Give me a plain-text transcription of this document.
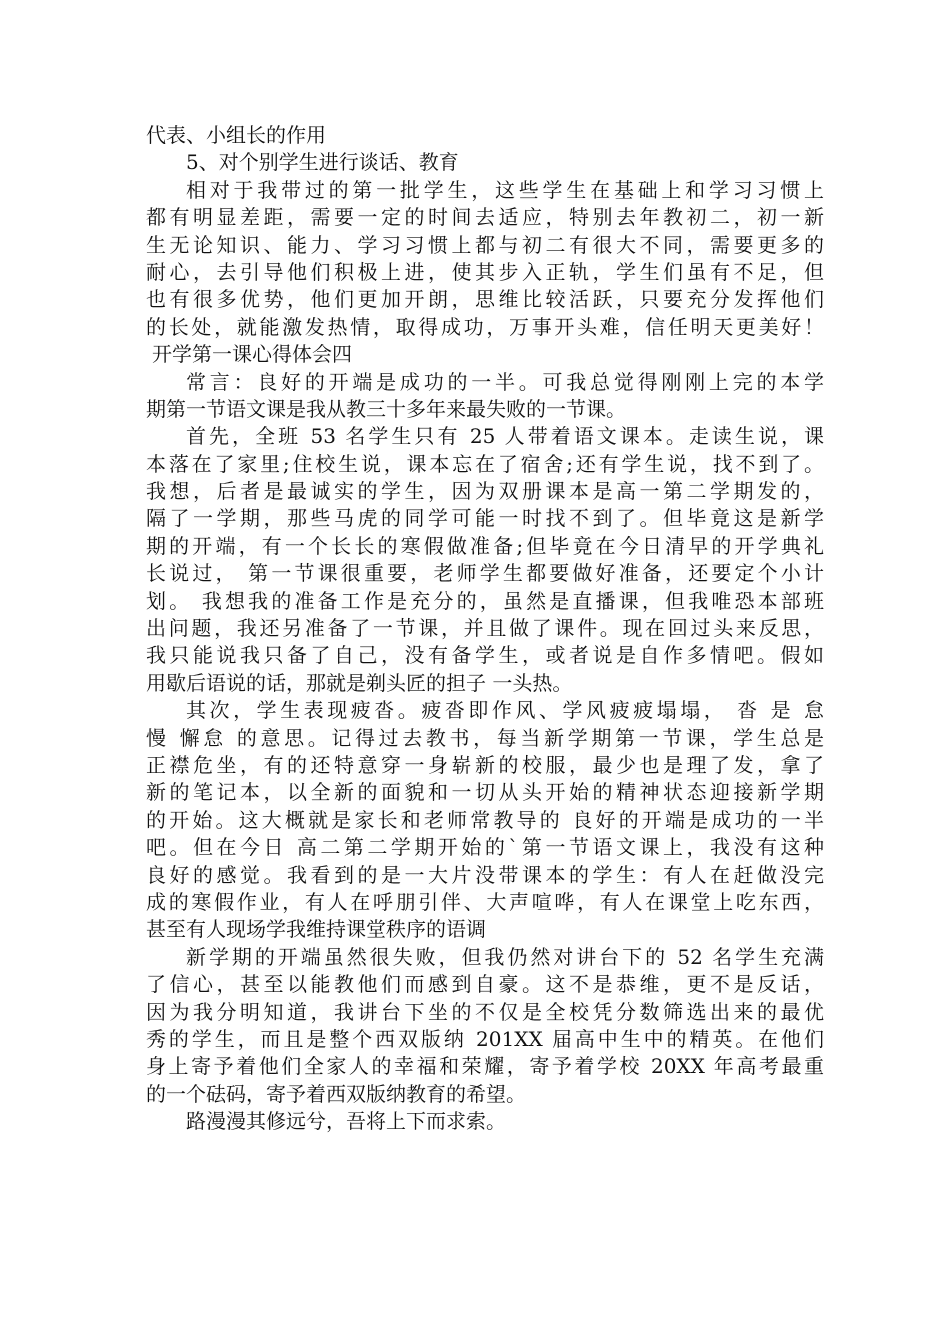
代表、小组长的作用
5、对个别学生进行谈话、教育
相对于我带过的第一批学生，这些学生在基础上和学习习惯上
都有明显差距，需要一定的时间去适应，特别去年教初二，初一新
生无论知识、能力、学习习惯上都与初二有很大不同，需要更多的
耐心，去引导他们积极上进，使其步入正轨，学生们虽有不足，但
也有很多优势，他们更加开朗，思维比较活跃，只要充分发挥他们
的长处，就能激发热情，取得成功，万事开头难，信任明天更美好！
开学第一课心得体会四
常言：良好的开端是成功的一半。可我总觉得刚刚上完的本学
期第一节语文课是我从教三十多年来最失败的一节课。
首先，全班 53 名学生只有 25 人带着语文课本。走读生说，课
本落在了家里;住校生说，课本忘在了宿舍;还有学生说，找不到了。
我想，后者是最诚实的学生，因为双册课本是高一第二学期发的，
隔了一学期，那些马虎的同学可能一时找不到了。但毕竟这是新学
期的开端，有一个长长的寒假做准备;但毕竟在今日清早的开学典礼
长说过， 第一节课很重要，老师学生都要做好准备，还要定个小计
划。 我想我的准备工作是充分的，虽然是直播课，但我唯恐本部班
出问题，我还另准备了一节课，并且做了课件。现在回过头来反思，
我只能说我只备了自己，没有备学生，或者说是自作多情吧。假如
用歇后语说的话，那就是剃头匠的担子 一头热。
其次，学生表现疲沓。疲沓即作风、学风疲疲塌塌， 沓 是 怠
慢 懈怠 的意思。记得过去教书，每当新学期第一节课，学生总是
正襟危坐，有的还特意穿一身崭新的校服，最少也是理了发，拿了
新的笔记本，以全新的面貌和一切从头开始的精神状态迎接新学期
的开始。这大概就是家长和老师常教导的 良好的开端是成功的一半
吧。但在今日 高二第二学期开始的`第一节语文课上，我没有这种
良好的感觉。我看到的是一大片没带课本的学生：有人在赶做没完
成的寒假作业，有人在呼朋引伴、大声喧哗，有人在课堂上吃东西，
甚至有人现场学我维持课堂秩序的语调
新学期的开端虽然很失败，但我仍然对讲台下的 52 名学生充满
了信心，甚至以能教他们而感到自豪。这不是恭维，更不是反话，
因为我分明知道，我讲台下坐的不仅是全校凭分数筛选出来的最优
秀的学生，而且是整个西双版纳 201XX 届高中生中的精英。在他们
身上寄予着他们全家人的幸福和荣耀，寄予着学校 20XX 年高考最重
的一个砝码，寄予着西双版纳教育的希望。
路漫漫其修远兮，吾将上下而求索。
